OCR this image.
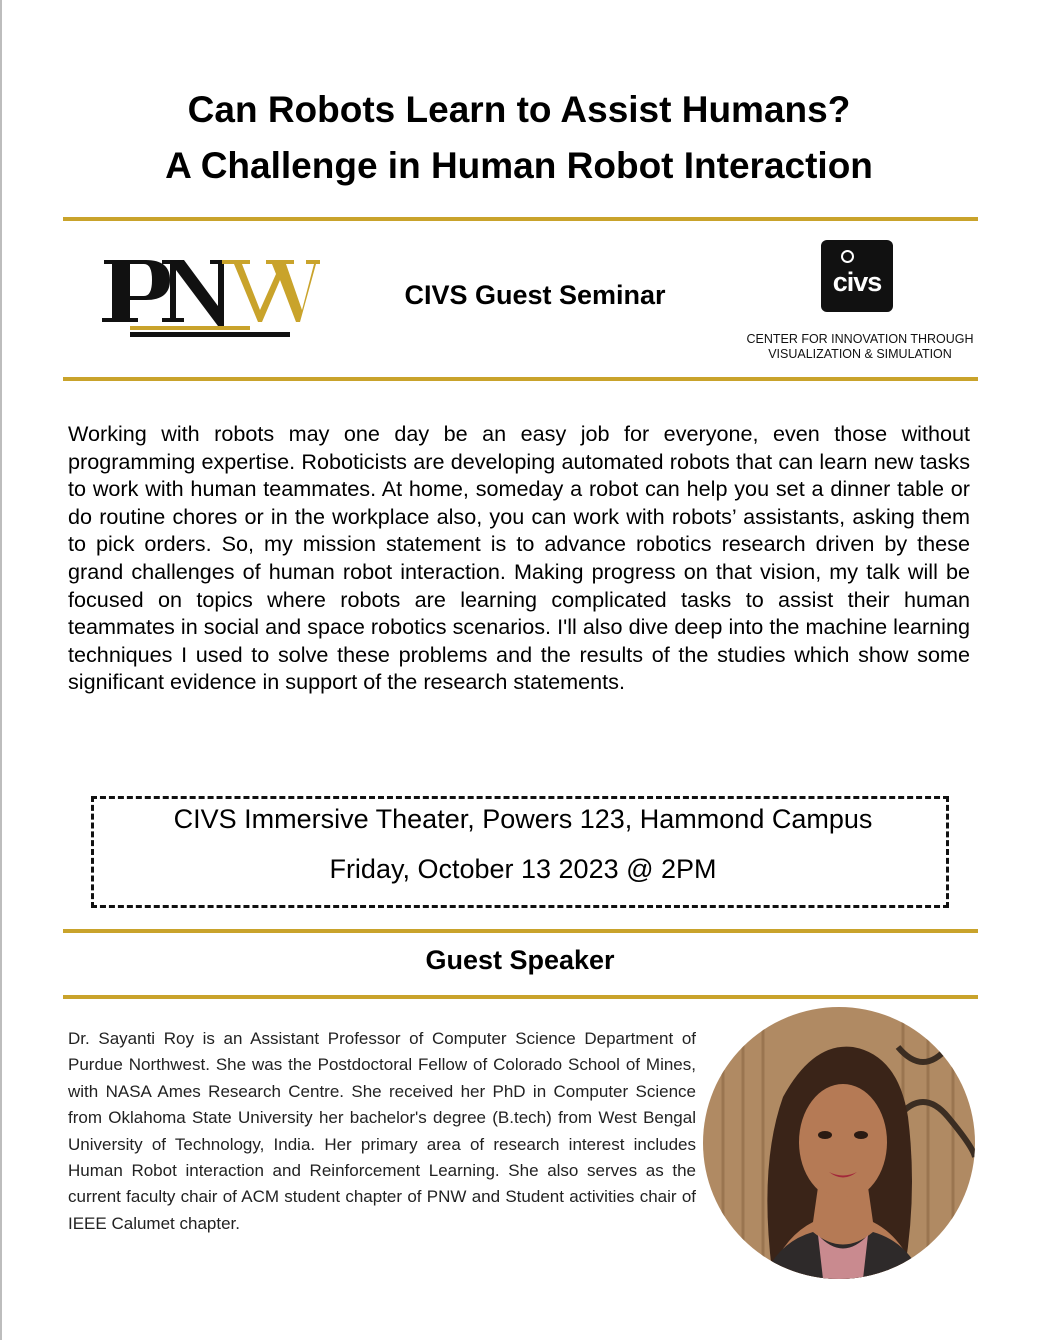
Can Robots Learn to Assist Humans?
A Challenge in Human Robot Interaction
CIVS Guest Seminar	civs
CENTER FOR INNOVATION THROUGH
VISUALIZATION & SIMULATION
Working with robots may one day be an easy job for everyone, even those without programming expertise. Roboticists are developing automated robots that can learn new tasks to work with human teammates. At home, someday a robot can help you set a dinner table or do routine chores or in the workplace also, you can work with robots’ assistants, asking them to pick orders. So, my mission statement is to advance robotics research driven by these grand challenges of human robot interaction. Making progress on that vision, my talk will be focused on topics where robots are learning complicated tasks to assist their human teammates in social and space robotics scenarios. I'll also dive deep into the machine learning techniques I used to solve these problems and the results of the studies which show some significant evidence in support of the research statements.
CIVS Immersive Theater, Powers 123, Hammond Campus
Friday, October 13 2023 @ 2PM
Guest Speaker
Dr. Sayanti Roy is an Assistant Professor of Computer Science Department of Purdue Northwest. She was the Postdoctoral Fellow of Colorado School of Mines, with NASA Ames Research Centre. She received her PhD in Computer Science from Oklahoma State University her bachelor's degree (B.tech) from West Bengal University of Technology, India. Her primary area of research interest includes Human Robot interaction and Reinforcement Learning. She also serves as the current faculty chair of ACM student chapter of PNW and Student activities chair of IEEE Calumet chapter.
